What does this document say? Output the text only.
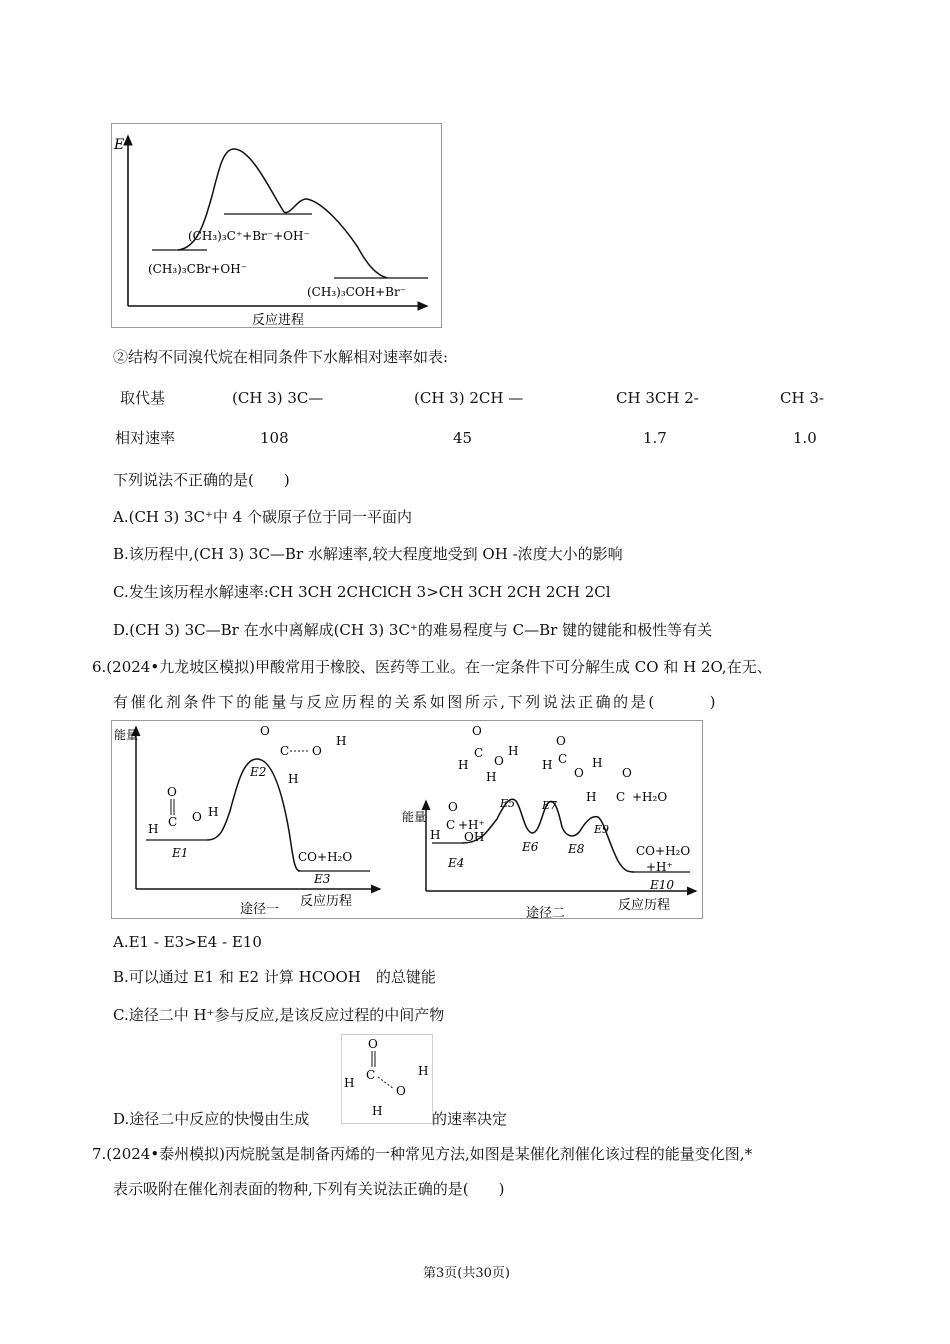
E
(CH₃)₃C⁺+Br⁻+OH⁻
(CH₃)₃CBr+OH⁻
(CH₃)₃COH+Br⁻
反应进程
②结构不同溴代烷在相同条件下水解相对速率如表:
取代基	(CH 3) 3C—	(CH 3) 2CH —	CH 3CH 2-	CH 3-
相对速率	108	45	1.7	1.0
下列说法不正确的是(　　)
A.(CH 3) 3C⁺中 4 个碳原子位于同一平面内
B.该历程中,(CH 3) 3C—Br 水解速率,较大程度地受到 OH -浓度大小的影响
C.发生该历程水解速率:CH 3CH 2CHClCH 3>CH 3CH 2CH 2CH 2Cl
D.(CH 3) 3C—Br 在水中离解成(CH 3) 3C⁺的难易程度与 C—Br 键的键能和极性等有关
6.(2024•九龙坡区模拟)甲酸常用于橡胶、医药等工业。在一定条件下可分解生成 CO 和 H 2O,在无、
有催化剂条件下的能量与反应历程的关系如图所示,下列说法正确的是(　　　)
能量
O
C
H
O H
E1
E2
O
C O
H
H
CO+H₂O
E3
途径一
反应历程
能量
O
H
C +H⁺
OH
E4
O
H
C
O
H
H
E5
E6
O
H C
O
H
E7
E8
O
H C +H₂O
E9
CO+H₂O
+H⁺
E10
途径二
反应历程
A.E1 - E3>E4 - E10
B.可以通过 E1 和 E2 计算 HCOOH　的总键能
C.途径二中 H⁺参与反应,是该反应过程的中间产物
D.途径二中反应的快慢由生成
O
C
H
O
H
H	的速率决定
7.(2024•泰州模拟)丙烷脱氢是制备丙烯的一种常见方法,如图是某催化剂催化该过程的能量变化图,*
表示吸附在催化剂表面的物种,下列有关说法正确的是(　　)
第3页(共30页)
